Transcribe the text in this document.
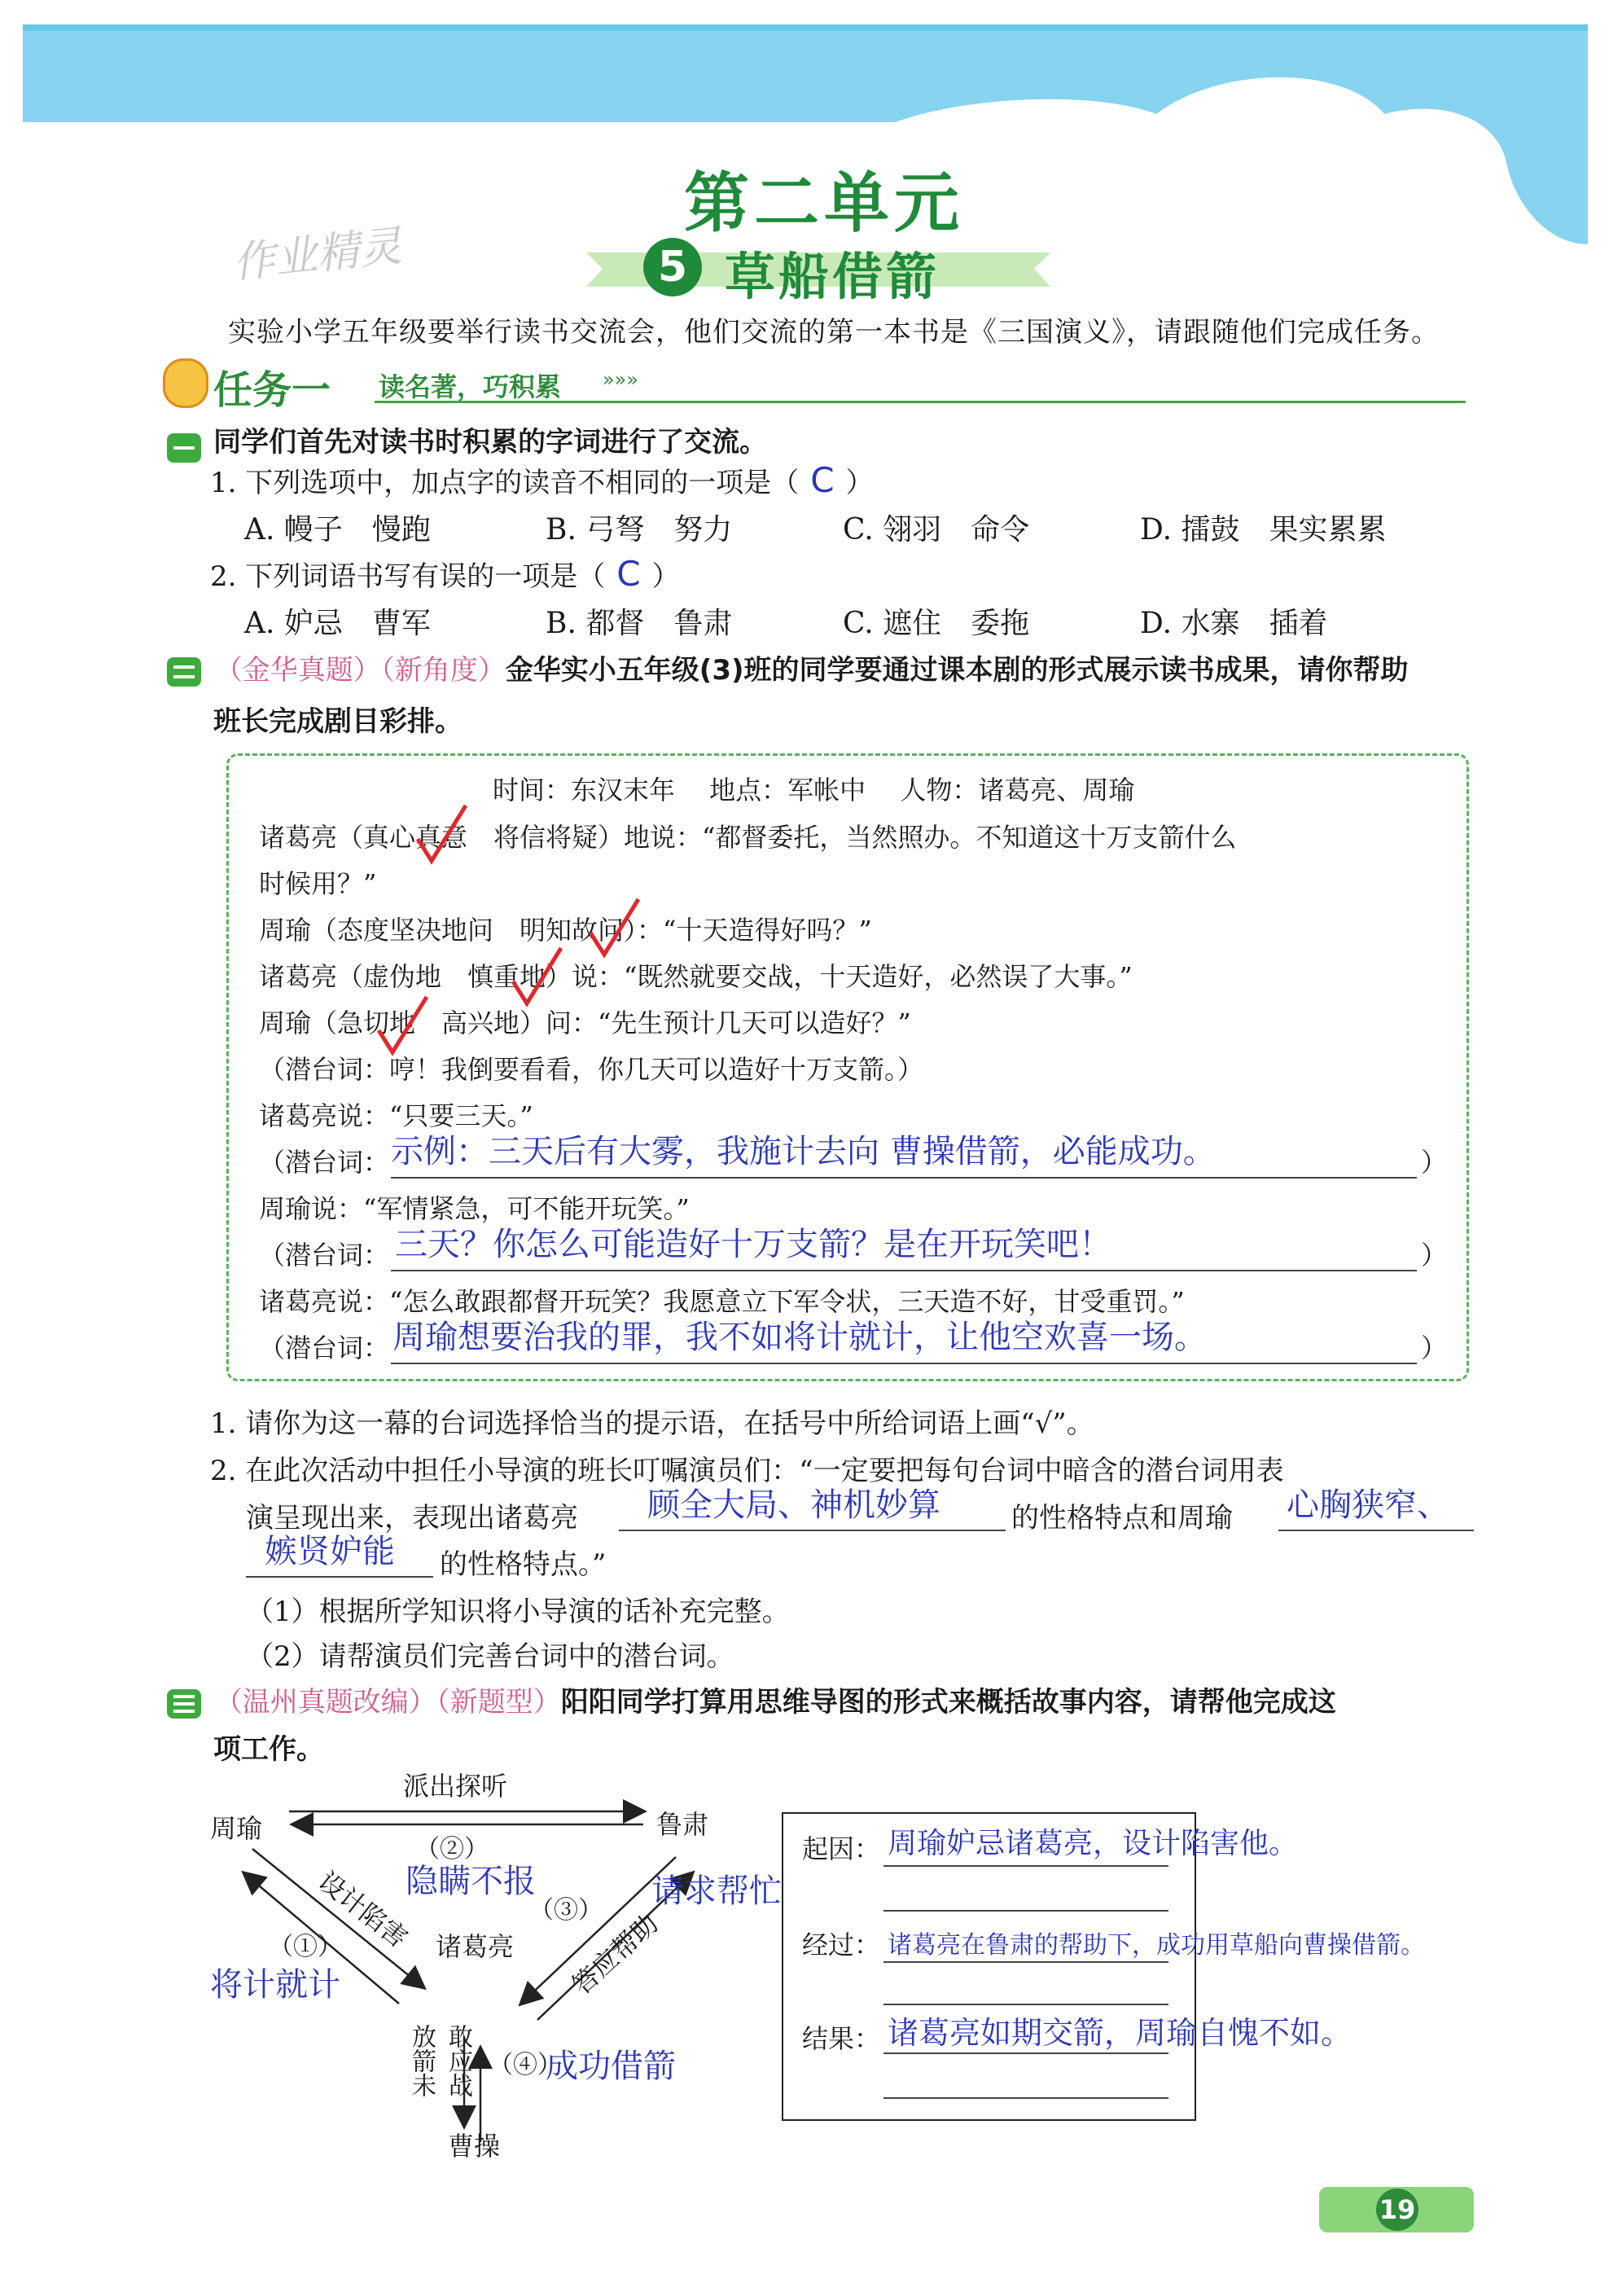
第二单元
5 草船借箭
作业精灵
实验小学五年级要举行读书交流会，他们交流的第一本书是《三国演义》，请跟随他们完成任务。
任务一 读名著，巧积累 »»»
同学们首先对读书时积累的字词进行了交流。
1. 下列选项中，加点字的读音不相同的一项是（ C ）
A. 幔子　慢跑	B. 弓弩　努力	C. 翎羽　命令	D. 擂鼓　果实累累
2. 下列词语书写有误的一项是（ C ）
A. 妒忌　曹军	B. 都督　鲁肃	C. 遮住　委拖	D. 水寨　插着
（金华真题）（新角度）金华实小五年级(3)班的同学要通过课本剧的形式展示读书成果，请你帮助
班长完成剧目彩排。
时间：东汉末年　 地点：军帐中　 人物：诸葛亮、周瑜
诸葛亮（真心真意　将信将疑）地说：“都督委托，当然照办。不知道这十万支箭什么
时候用？”
周瑜（态度坚决地问　明知故问）：“十天造得好吗？”
诸葛亮（虚伪地　慎重地）说：“既然就要交战，十天造好，必然误了大事。”
周瑜（急切地　高兴地）问：“先生预计几天可以造好？”
（潜台词：哼！我倒要看看，你几天可以造好十万支箭。）
诸葛亮说：“只要三天。”
（潜台词： 示例：三天后有大雾，我施计去向 曹操借箭，必能成功。	）
周瑜说：“军情紧急，可不能开玩笑。”
（潜台词： 三天？你怎么可能造好十万支箭？是在开玩笑吧！	）
诸葛亮说：“怎么敢跟都督开玩笑？我愿意立下军令状，三天造不好，甘受重罚。”
（潜台词： 周瑜想要治我的罪，我不如将计就计，让他空欢喜一场。	）
1. 请你为这一幕的台词选择恰当的提示语，在括号中所给词语上画“√”。
2. 在此次活动中担任小导演的班长叮嘱演员们：“一定要把每句台词中暗含的潜台词用表
演呈现出来，表现出诸葛亮 顾全大局、神机妙算	的性格特点和周瑜 心胸狭窄、
嫉贤妒能 的性格特点。”
（1）根据所学知识将小导演的话补充完整。
（2）请帮演员们完善台词中的潜台词。
（温州真题改编）（新题型）阳阳同学打算用思维导图的形式来概括故事内容，请帮他完成这
项工作。
周瑜	鲁肃
派出探听
（②）
隐瞒不报
设计陷害
（①）
将计就计
诸葛亮
（③）
请求帮忙
答应帮助
放箭未 敢应战 （④）
成功借箭
曹操
起因： 周瑜妒忌诸葛亮，设计陷害他。
经过： 诸葛亮在鲁肃的帮助下，成功用草船向曹操借箭。
结果： 诸葛亮如期交箭，周瑜自愧不如。
19
